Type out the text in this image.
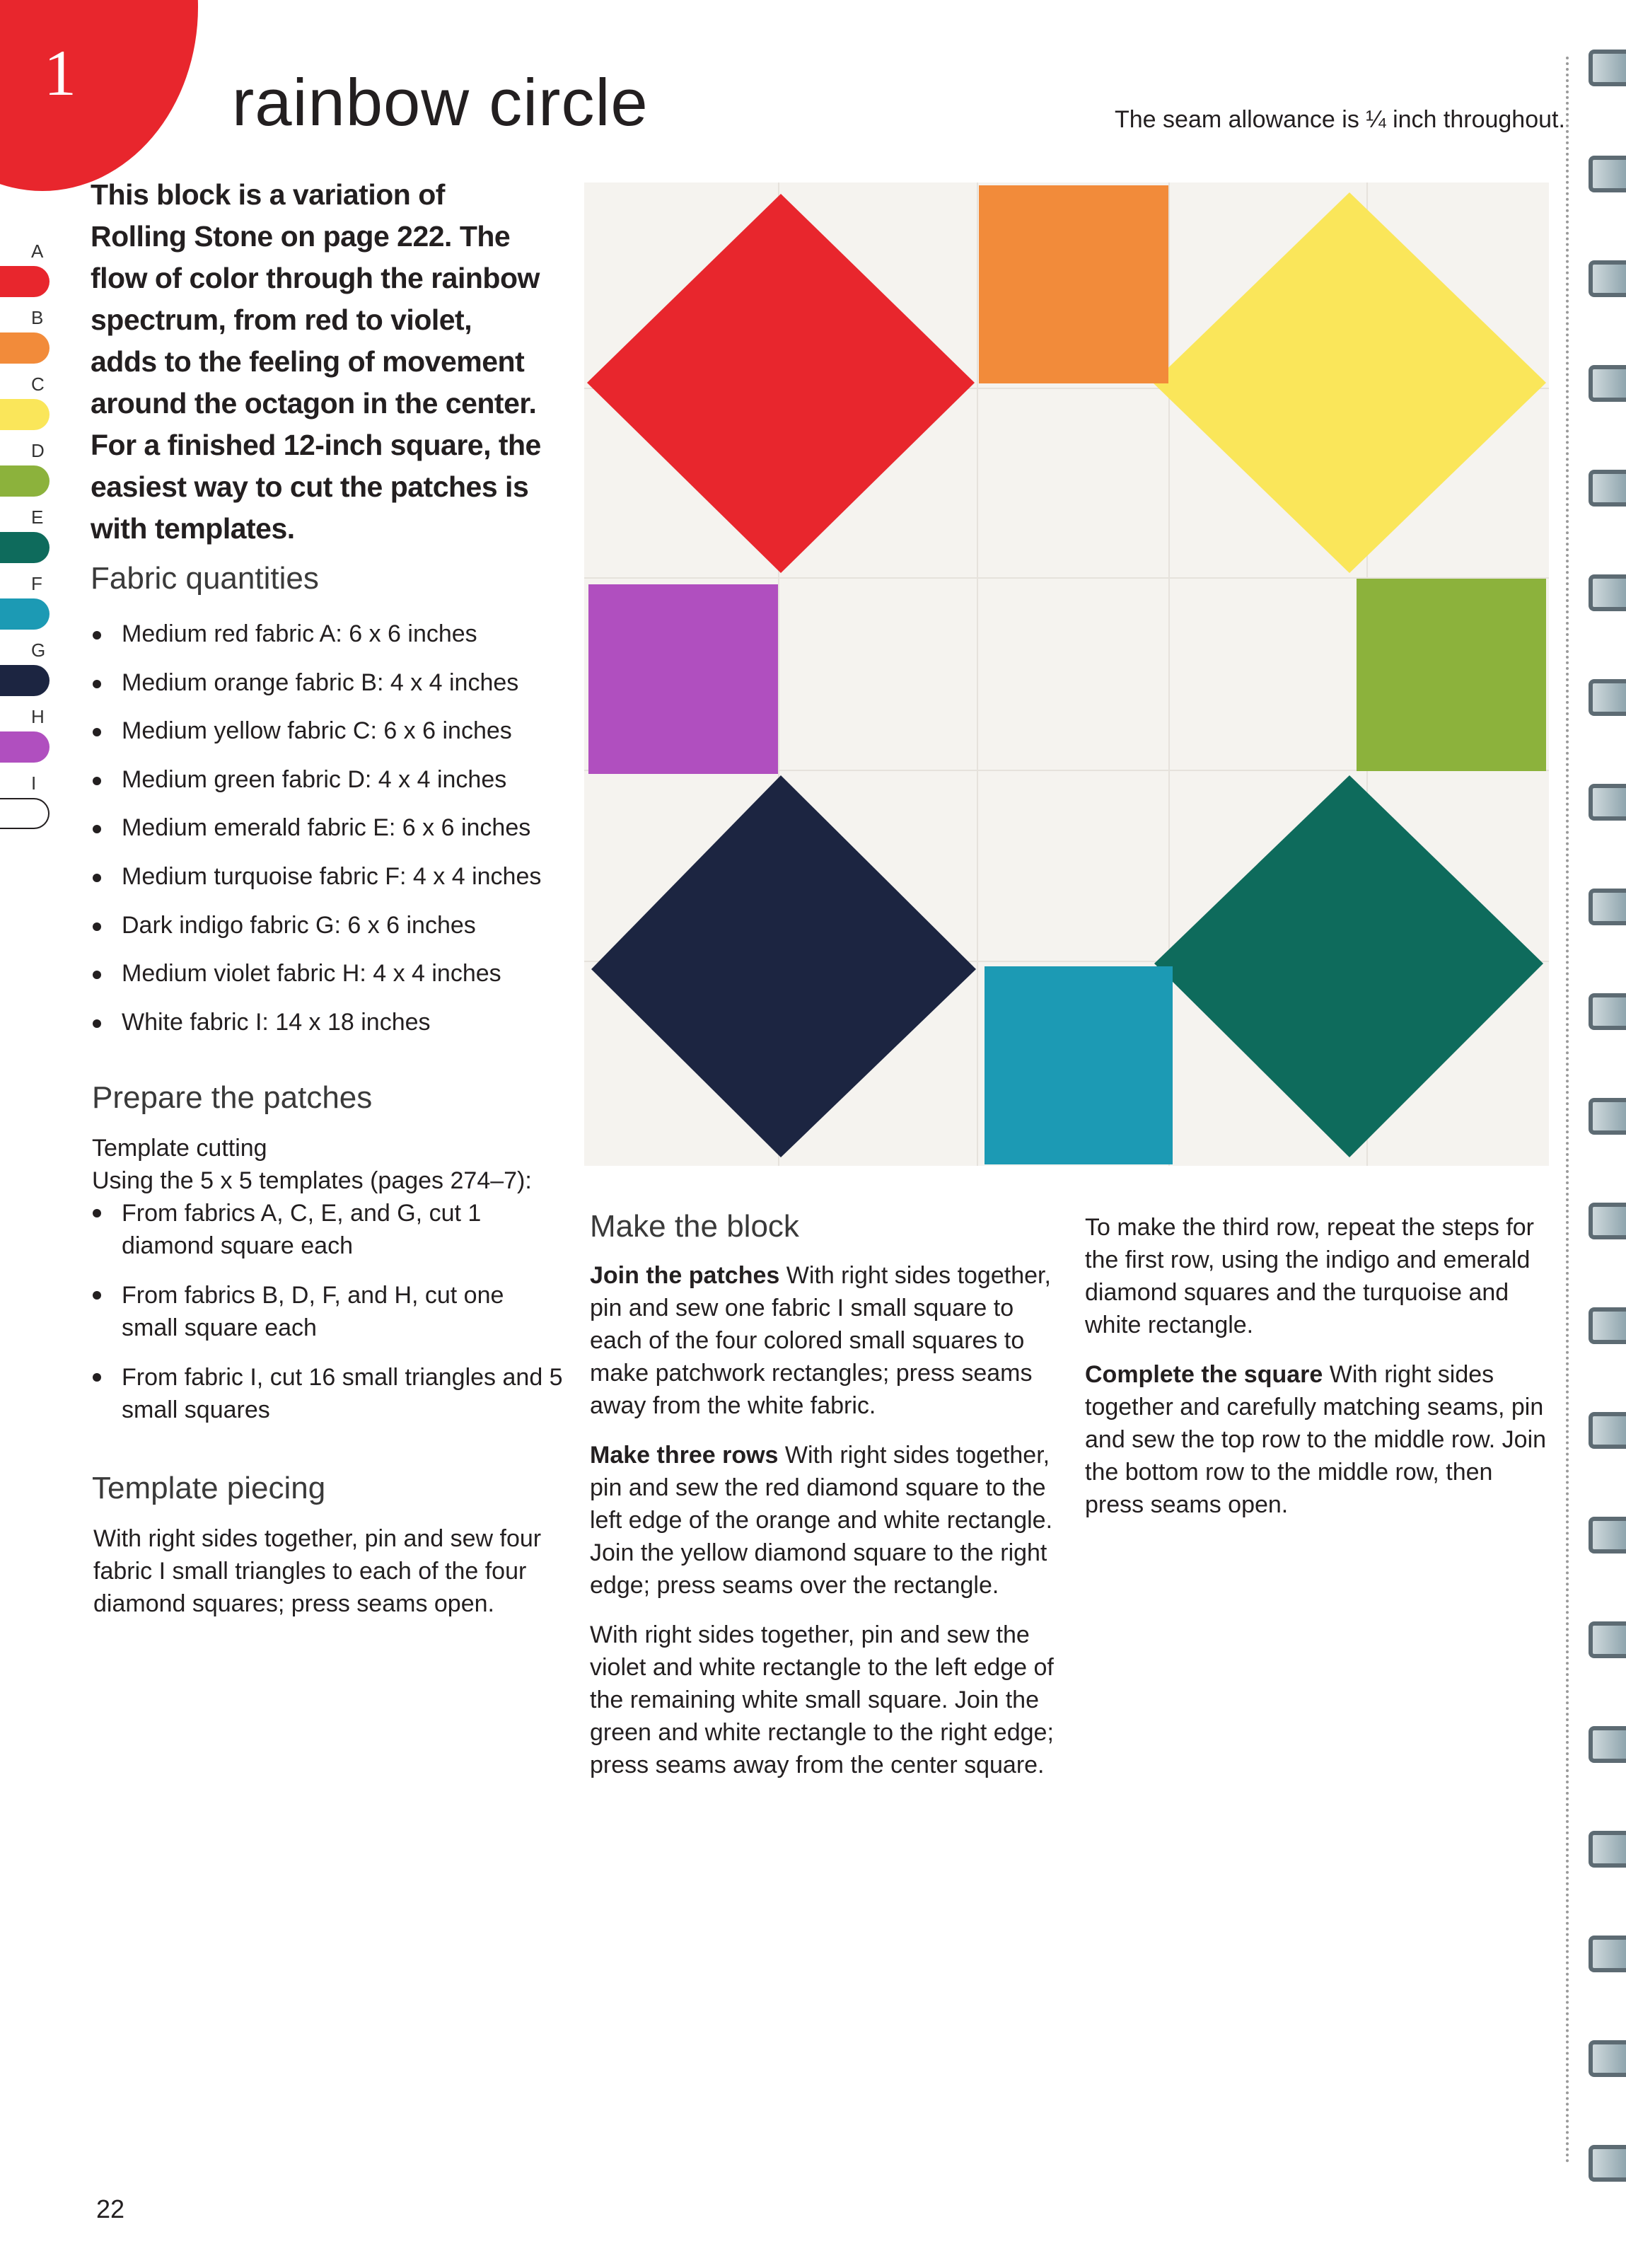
1 rainbow circle	The seam allowance is ¼ inch throughout.
This block is a variation of Rolling Stone on page 222. The flow of color through the rainbow spectrum, from red to violet, adds to the feeling of movement around the octagon in the center. For a finished 12-inch square, the easiest way to cut the patches is with templates.
A
B
C
D
E
F
G
H
I
Fabric quantities
Medium red fabric A: 6 x 6 inches
Medium orange fabric B: 4 x 4 inches
Medium yellow fabric C: 6 x 6 inches
Medium green fabric D: 4 x 4 inches
Medium emerald fabric E: 6 x 6 inches
Medium turquoise fabric F: 4 x 4 inches
Dark indigo fabric G: 6 x 6 inches
Medium violet fabric H: 4 x 4 inches
White fabric I: 14 x 18 inches
Prepare the patches
Template cutting
Using the 5 x 5 templates (pages 274–7):
From fabrics A, C, E, and G, cut 1 diamond square each
From fabrics B, D, F, and H, cut one small square each
From fabric I, cut 16 small triangles and 5 small squares
Template piecing

With right sides together, pin and sew four fabric I small triangles to each of the four diamond squares; press seams open.

Make the block

Join the patches With right sides together, pin and sew one fabric I small square to each of the four colored small squares to make patchwork rectangles; press seams away from the white fabric.

Make three rows With right sides together, pin and sew the red diamond square to the left edge of the orange and white rectangle. Join the yellow diamond square to the right edge; press seams over the rectangle.

With right sides together, pin and sew the violet and white rectangle to the left edge of the remaining white small square. Join the green and white rectangle to the right edge; press seams away from the center square.

To make the third row, repeat the steps for the first row, using the indigo and emerald diamond squares and the turquoise and white rectangle.

Complete the square With right sides together and carefully matching seams, pin and sew the top row to the middle row. Join the bottom row to the middle row, then press seams open.

22
